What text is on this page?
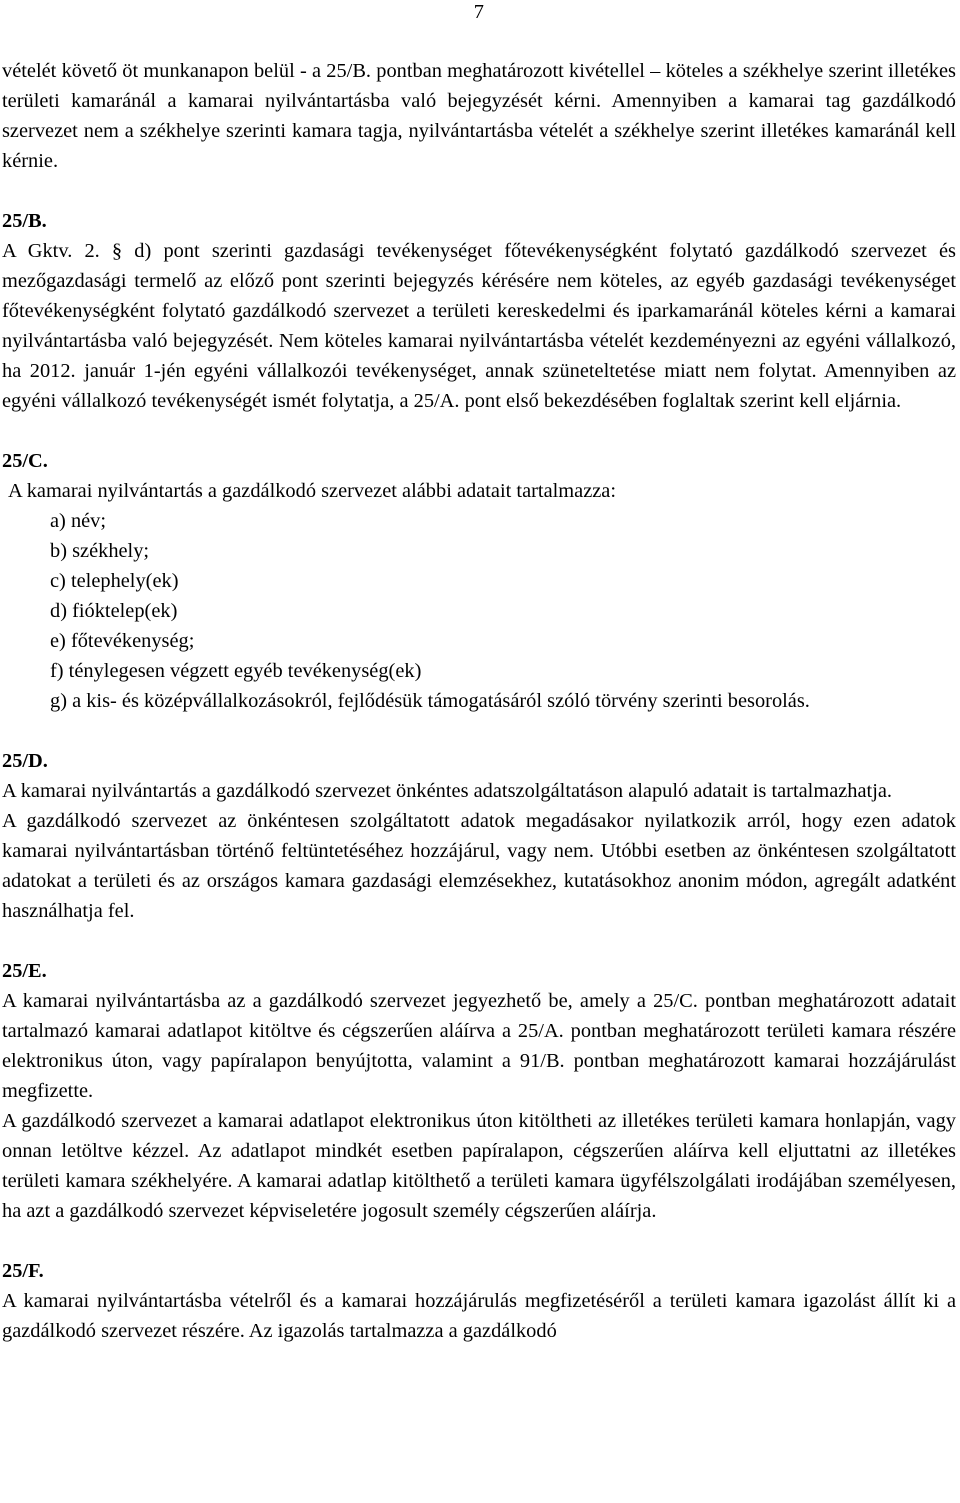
7

vételét követő öt munkanapon belül - a 25/B. pontban meghatározott kivétellel – köteles a székhelye szerint illetékes területi kamaránál a kamarai nyilvántartásba való bejegyzését kérni. Amennyiben a kamarai tag gazdálkodó szervezet nem a székhelye szerinti kamara tagja, nyilvántartásba vételét a székhelye szerint illetékes kamaránál kell kérnie.

25/B.

A Gktv. 2. § d) pont szerinti gazdasági tevékenységet főtevékenységként folytató gazdálkodó szervezet és mezőgazdasági termelő az előző pont szerinti bejegyzés kérésére nem köteles, az egyéb gazdasági tevékenységet főtevékenységként folytató gazdálkodó szervezet a területi kereskedelmi és iparkamaránál köteles kérni a kamarai nyilvántartásba való bejegyzését. Nem köteles kamarai nyilvántartásba vételét kezdeményezni az egyéni vállalkozó, ha 2012. január 1-jén egyéni vállalkozói tevékenységet, annak szüneteltetése miatt nem folytat. Amennyiben az egyéni vállalkozó tevékenységét ismét folytatja, a 25/A. pont első bekezdésében foglaltak szerint kell eljárnia.

25/C.

A kamarai nyilvántartás a gazdálkodó szervezet alábbi adatait tartalmazza:

a) név;
b) székhely;
c) telephely(ek)
d) fióktelep(ek)
e) főtevékenység;
f) ténylegesen végzett egyéb tevékenység(ek)
g) a kis- és középvállalkozásokról, fejlődésük támogatásáról szóló törvény szerinti besorolás.

25/D.

A kamarai nyilvántartás a gazdálkodó szervezet önkéntes adatszolgáltatáson alapuló adatait is tartalmazhatja.

A gazdálkodó szervezet az önkéntesen szolgáltatott adatok megadásakor nyilatkozik arról, hogy ezen adatok kamarai nyilvántartásban történő feltüntetéséhez hozzájárul, vagy nem. Utóbbi esetben az önkéntesen szolgáltatott adatokat a területi és az országos kamara gazdasági elemzésekhez, kutatásokhoz anonim módon, agregált adatként használhatja fel.

25/E.

A kamarai nyilvántartásba az a gazdálkodó szervezet jegyezhető be, amely a 25/C. pontban meghatározott adatait tartalmazó kamarai adatlapot kitöltve és cégszerűen aláírva a 25/A. pontban meghatározott területi kamara részére elektronikus úton, vagy papíralapon benyújtotta, valamint a 91/B. pontban meghatározott kamarai hozzájárulást megfizette.

A gazdálkodó szervezet a kamarai adatlapot elektronikus úton kitöltheti az illetékes területi kamara honlapján, vagy onnan letöltve kézzel. Az adatlapot mindkét esetben papíralapon, cégszerűen aláírva kell eljuttatni az illetékes területi kamara székhelyére. A kamarai adatlap kitölthető a területi kamara ügyfélszolgálati irodájában személyesen, ha azt a gazdálkodó szervezet képviseletére jogosult személy cégszerűen aláírja.

25/F.

A kamarai nyilvántartásba vételről és a kamarai hozzájárulás megfizetéséről a területi kamara igazolást állít ki a gazdálkodó szervezet részére. Az igazolás tartalmazza a gazdálkodó
